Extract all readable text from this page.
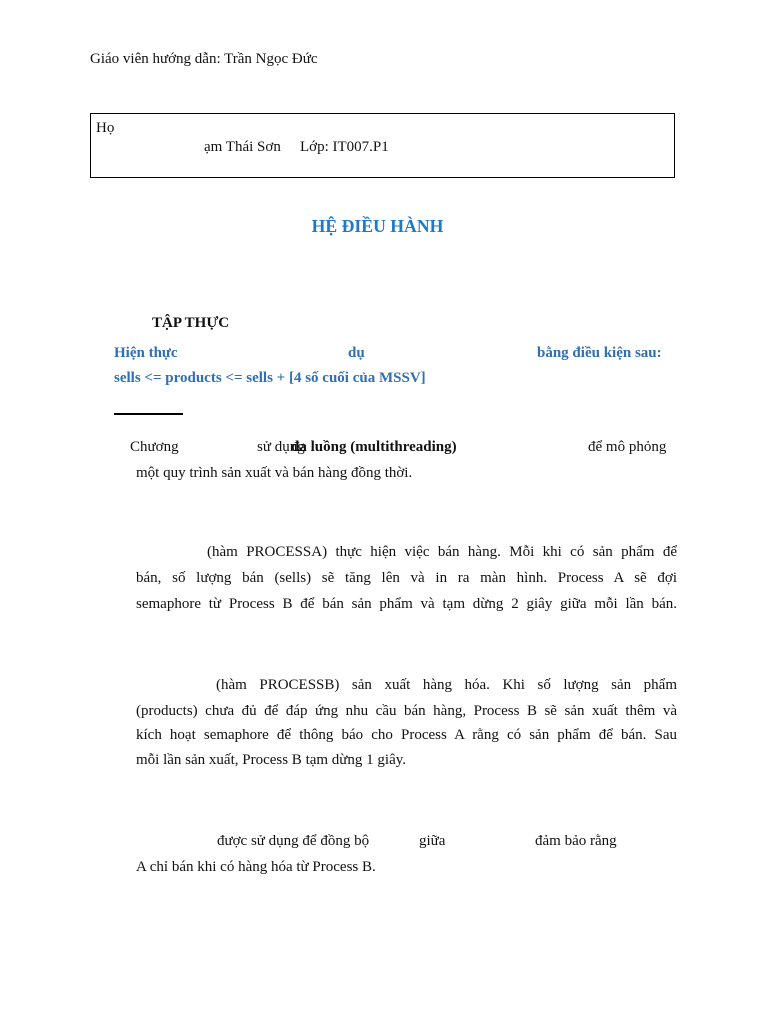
Giáo viên hướng dẫn: Trần Ngọc Đức
Họ
ạm Thái Sơn Lớp: IT007.P1
HỆ ĐIỀU HÀNH
TẬP THỰC
Hiện thực	dụ	bằng điều kiện sau:
sells <= products <= sells + [4 số cuối của MSSV]
Chương	sử dụng
đa luồng (multithreading)	để mô phỏng
một quy trình sản xuất và bán hàng đồng thời.
(hàm PROCESSA) thực hiện việc bán hàng. Mỗi khi có sản phẩm để
bán, số lượng bán (sells) sẽ tăng lên và in ra màn hình. Process A sẽ đợi
semaphore từ Process B để bán sản phẩm và tạm dừng 2 giây giữa mỗi lần bán.
(hàm PROCESSB) sản xuất hàng hóa. Khi số lượng sản phẩm
(products) chưa đủ để đáp ứng nhu cầu bán hàng, Process B sẽ sản xuất thêm và
kích hoạt semaphore để thông báo cho Process A rằng có sản phẩm để bán. Sau
mỗi lần sản xuất, Process B tạm dừng 1 giây.
được sử dụng để đồng bộ	giữa	đảm bảo rằng
A chỉ bán khi có hàng hóa từ Process B.
